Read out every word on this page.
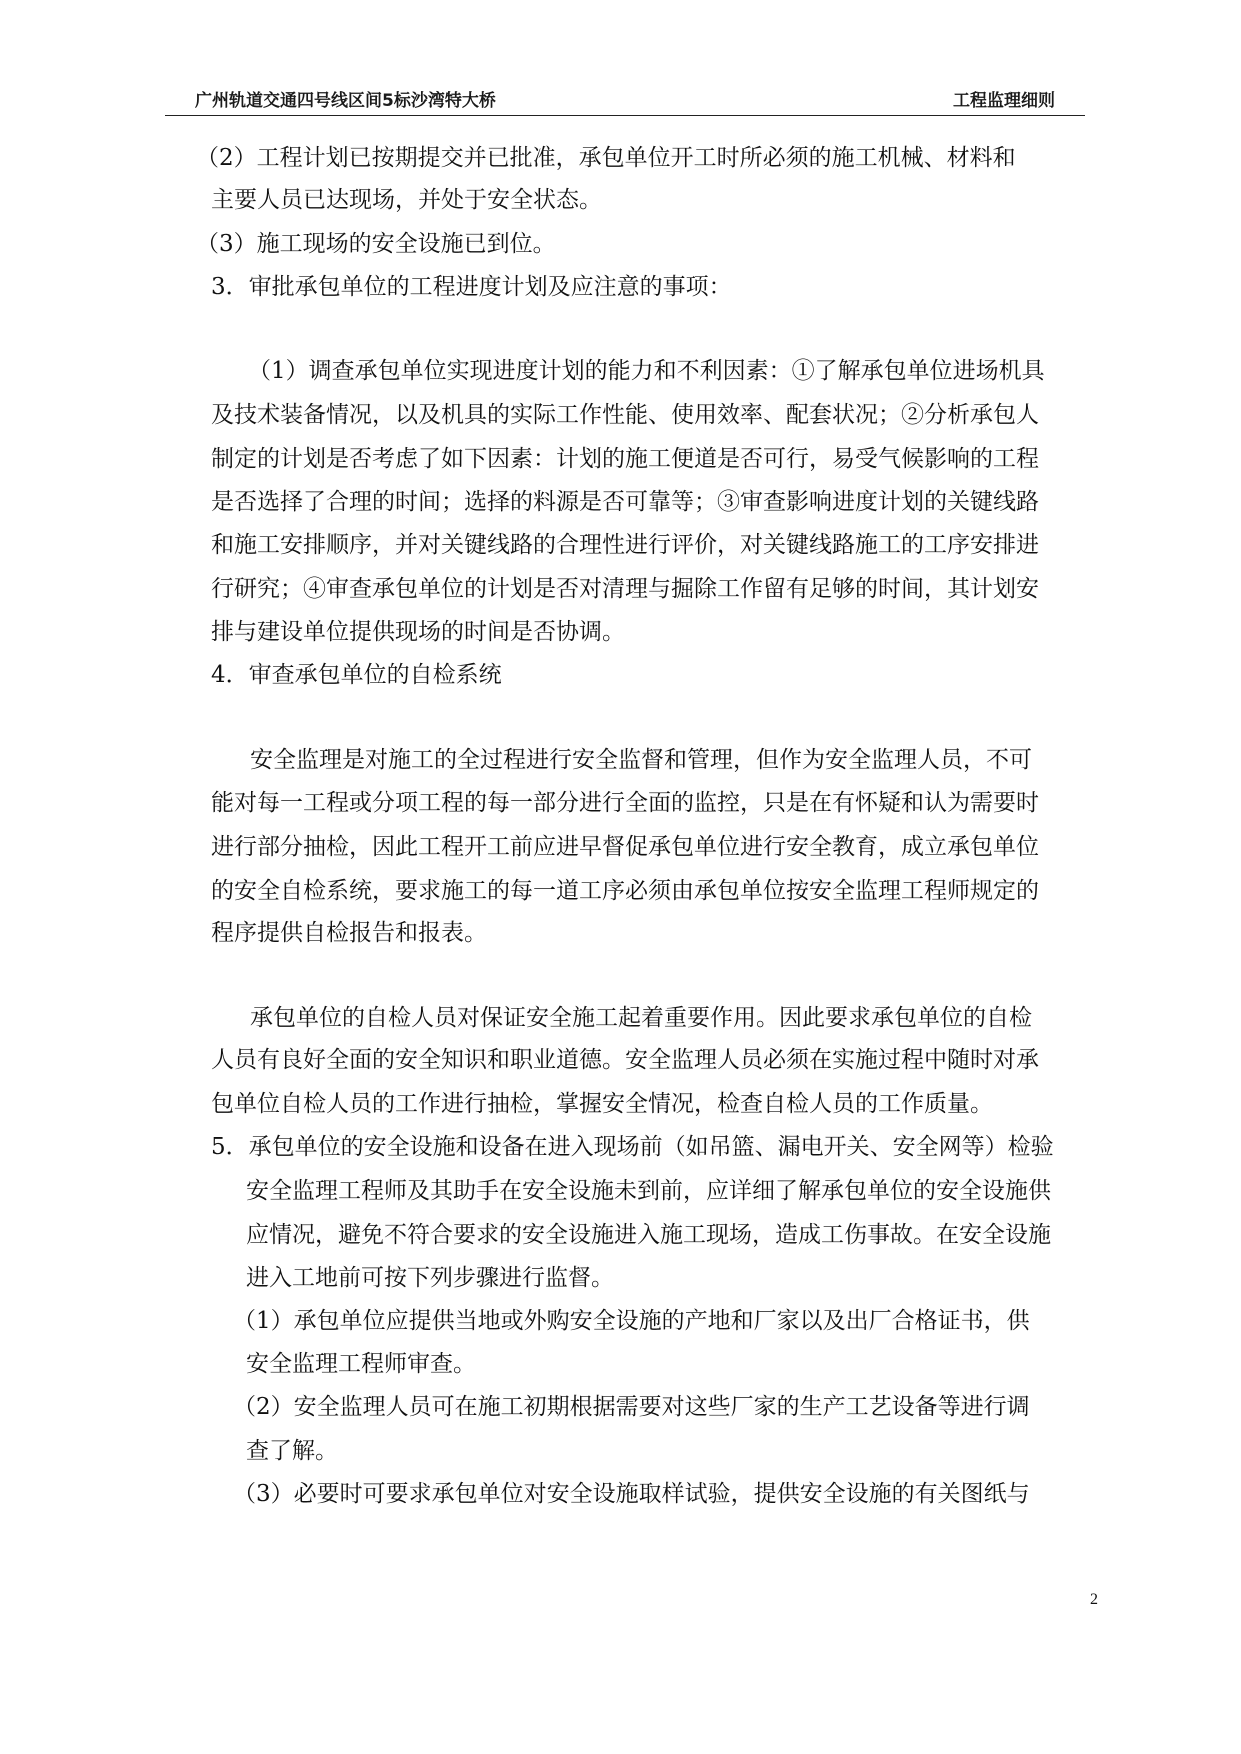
广州轨道交通四号线区间5标沙湾特大桥	工程监理细则
（2）工程计划已按期提交并已批准，承包单位开工时所必须的施工机械、材料和
主要人员已达现场，并处于安全状态。
（3）施工现场的安全设施已到位。
3．审批承包单位的工程进度计划及应注意的事项：
（1）调查承包单位实现进度计划的能力和不利因素：①了解承包单位进场机具
及技术装备情况，以及机具的实际工作性能、使用效率、配套状况；②分析承包人
制定的计划是否考虑了如下因素：计划的施工便道是否可行，易受气候影响的工程
是否选择了合理的时间；选择的料源是否可靠等；③审查影响进度计划的关键线路
和施工安排顺序，并对关键线路的合理性进行评价，对关键线路施工的工序安排进
行研究；④审查承包单位的计划是否对清理与掘除工作留有足够的时间，其计划安
排与建设单位提供现场的时间是否协调。
4．审查承包单位的自检系统
安全监理是对施工的全过程进行安全监督和管理，但作为安全监理人员，不可
能对每一工程或分项工程的每一部分进行全面的监控，只是在有怀疑和认为需要时
进行部分抽检，因此工程开工前应进早督促承包单位进行安全教育，成立承包单位
的安全自检系统，要求施工的每一道工序必须由承包单位按安全监理工程师规定的
程序提供自检报告和报表。
承包单位的自检人员对保证安全施工起着重要作用。因此要求承包单位的自检
人员有良好全面的安全知识和职业道德。安全监理人员必须在实施过程中随时对承
包单位自检人员的工作进行抽检，掌握安全情况，检查自检人员的工作质量。
5．承包单位的安全设施和设备在进入现场前（如吊篮、漏电开关、安全网等）检验
安全监理工程师及其助手在安全设施未到前，应详细了解承包单位的安全设施供
应情况，避免不符合要求的安全设施进入施工现场，造成工伤事故。在安全设施
进入工地前可按下列步骤进行监督。
（1）承包单位应提供当地或外购安全设施的产地和厂家以及出厂合格证书，供
安全监理工程师审查。
（2）安全监理人员可在施工初期根据需要对这些厂家的生产工艺设备等进行调
查了解。
（3）必要时可要求承包单位对安全设施取样试验，提供安全设施的有关图纸与
2
